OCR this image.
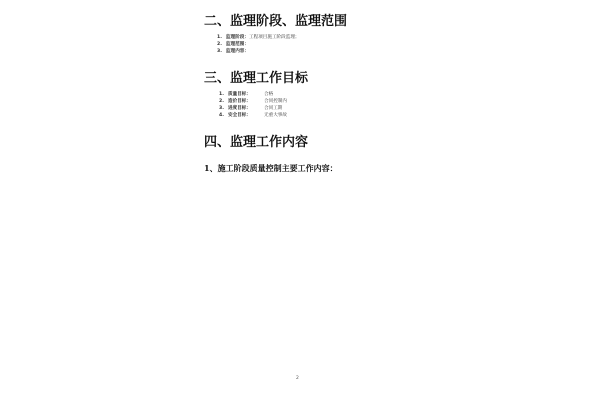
二、监理阶段、监理范围

1. 监理阶段：工程项目施工阶段监理；
2. 监理范围：
3. 监理内容：
三、监理工作目标
1. 质量目标：	合格
2. 造价目标：	合同控制内
3. 进度目标：	合同工期
4. 安全目标：	无重大事故
四、监理工作内容

1、施工阶段质量控制主要工作内容：

2
